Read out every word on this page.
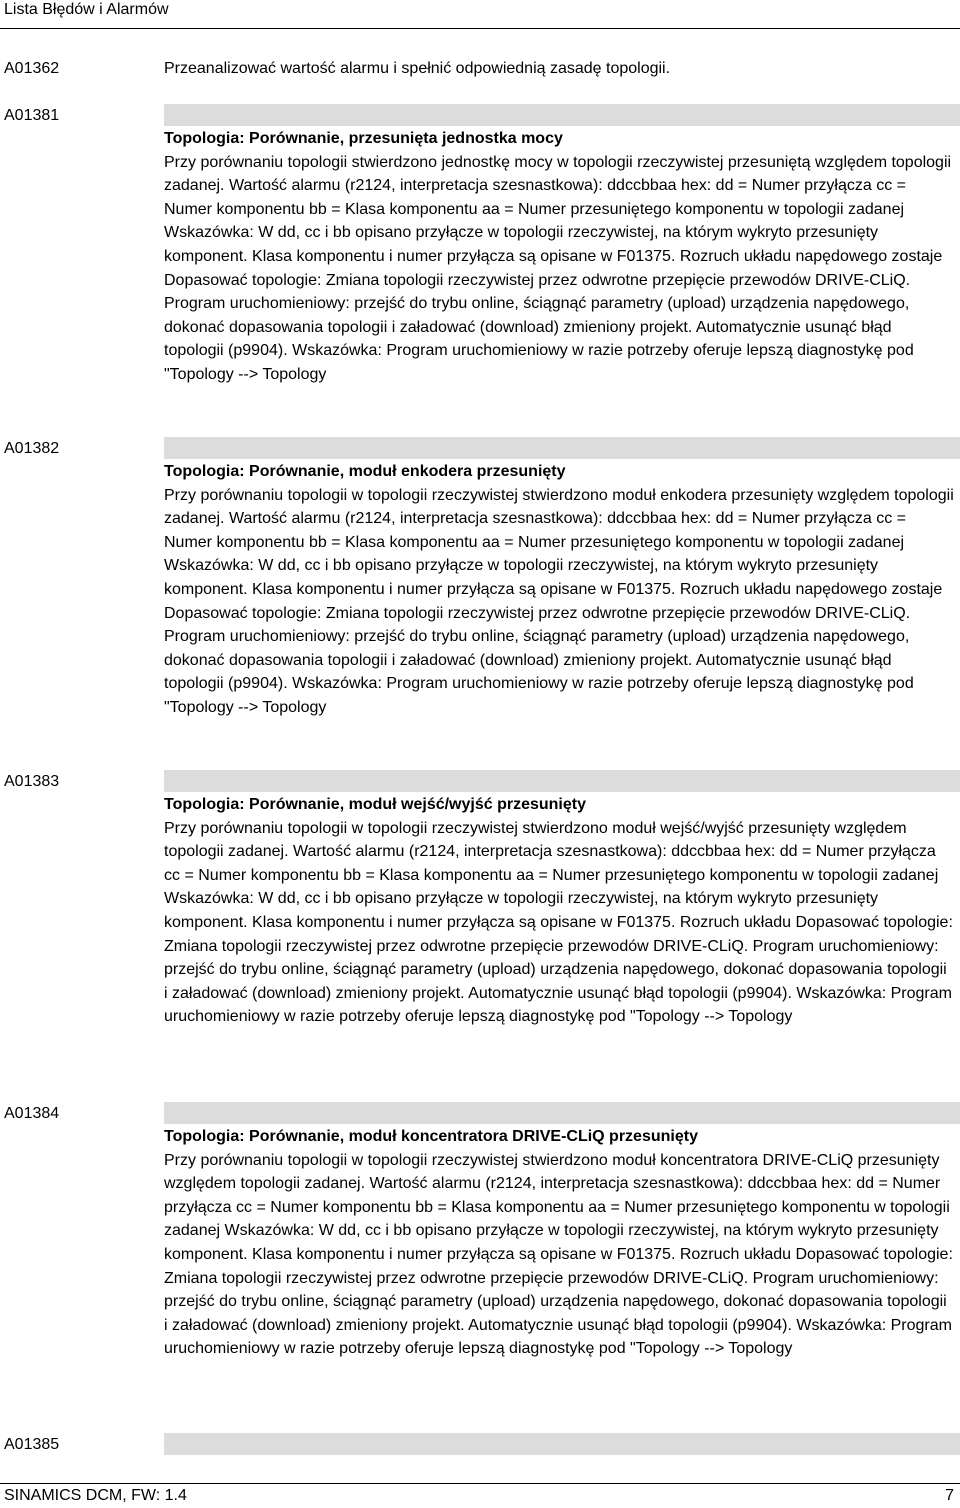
Lista Błędów i Alarmów
A01362	Przeanalizować wartość alarmu i spełnić odpowiednią zasadę topologii.
A01381
Topologia: Porównanie, przesunięta jednostka mocy
Przy porównaniu topologii stwierdzono jednostkę mocy w topologii rzeczywistej przesuniętą względem topologii zadanej. Wartość alarmu (r2124, interpretacja szesnastkowa): ddccbbaa hex: dd = Numer przyłącza cc = Numer komponentu bb = Klasa komponentu aa = Numer przesuniętego komponentu w topologii zadanej Wskazówka: W dd, cc i bb opisano przyłącze w topologii rzeczywistej, na którym wykryto przesunięty komponent. Klasa komponentu i numer przyłącza są opisane w F01375. Rozruch układu napędowego zostaje Dopasować topologie: Zmiana topologii rzeczywistej przez odwrotne przepięcie przewodów DRIVE-CLiQ. Program uruchomieniowy: przejść do trybu online, ściągnąć parametry (upload) urządzenia napędowego, dokonać dopasowania topologii i załadować (download) zmieniony projekt. Automatycznie usunąć błąd topologii (p9904). Wskazówka: Program uruchomieniowy w razie potrzeby oferuje lepszą diagnostykę pod "Topology --> Topology
A01382
Topologia: Porównanie, moduł enkodera przesunięty
Przy porównaniu topologii w topologii rzeczywistej stwierdzono moduł enkodera przesunięty względem topologii zadanej. Wartość alarmu (r2124, interpretacja szesnastkowa): ddccbbaa hex: dd = Numer przyłącza cc = Numer komponentu bb = Klasa komponentu aa = Numer przesuniętego komponentu w topologii zadanej Wskazówka: W dd, cc i bb opisano przyłącze w topologii rzeczywistej, na którym wykryto przesunięty komponent. Klasa komponentu i numer przyłącza są opisane w F01375. Rozruch układu napędowego zostaje Dopasować topologie: Zmiana topologii rzeczywistej przez odwrotne przepięcie przewodów DRIVE-CLiQ. Program uruchomieniowy: przejść do trybu online, ściągnąć parametry (upload) urządzenia napędowego, dokonać dopasowania topologii i załadować (download) zmieniony projekt. Automatycznie usunąć błąd topologii (p9904). Wskazówka: Program uruchomieniowy w razie potrzeby oferuje lepszą diagnostykę pod "Topology --> Topology
A01383
Topologia: Porównanie, moduł wejść/wyjść przesunięty
Przy porównaniu topologii w topologii rzeczywistej stwierdzono moduł wejść/wyjść przesunięty względem topologii zadanej. Wartość alarmu (r2124, interpretacja szesnastkowa): ddccbbaa hex: dd = Numer przyłącza cc = Numer komponentu bb = Klasa komponentu aa = Numer przesuniętego komponentu w topologii zadanej Wskazówka: W dd, cc i bb opisano przyłącze w topologii rzeczywistej, na którym wykryto przesunięty komponent. Klasa komponentu i numer przyłącza są opisane w F01375. Rozruch układu Dopasować topologie: Zmiana topologii rzeczywistej przez odwrotne przepięcie przewodów DRIVE-CLiQ. Program uruchomieniowy: przejść do trybu online, ściągnąć parametry (upload) urządzenia napędowego, dokonać dopasowania topologii i załadować (download) zmieniony projekt. Automatycznie usunąć błąd topologii (p9904). Wskazówka: Program uruchomieniowy w razie potrzeby oferuje lepszą diagnostykę pod "Topology --> Topology
A01384
Topologia: Porównanie, moduł koncentratora DRIVE-CLiQ przesunięty
Przy porównaniu topologii w topologii rzeczywistej stwierdzono moduł koncentratora DRIVE-CLiQ przesunięty względem topologii zadanej. Wartość alarmu (r2124, interpretacja szesnastkowa): ddccbbaa hex: dd = Numer przyłącza cc = Numer komponentu bb = Klasa komponentu aa = Numer przesuniętego komponentu w topologii zadanej Wskazówka: W dd, cc i bb opisano przyłącze w topologii rzeczywistej, na którym wykryto przesunięty komponent. Klasa komponentu i numer przyłącza są opisane w F01375. Rozruch układu Dopasować topologie: Zmiana topologii rzeczywistej przez odwrotne przepięcie przewodów DRIVE-CLiQ. Program uruchomieniowy: przejść do trybu online, ściągnąć parametry (upload) urządzenia napędowego, dokonać dopasowania topologii i załadować (download) zmieniony projekt. Automatycznie usunąć błąd topologii (p9904). Wskazówka: Program uruchomieniowy w razie potrzeby oferuje lepszą diagnostykę pod "Topology --> Topology
A01385
SINAMICS DCM, FW: 1.4	7
